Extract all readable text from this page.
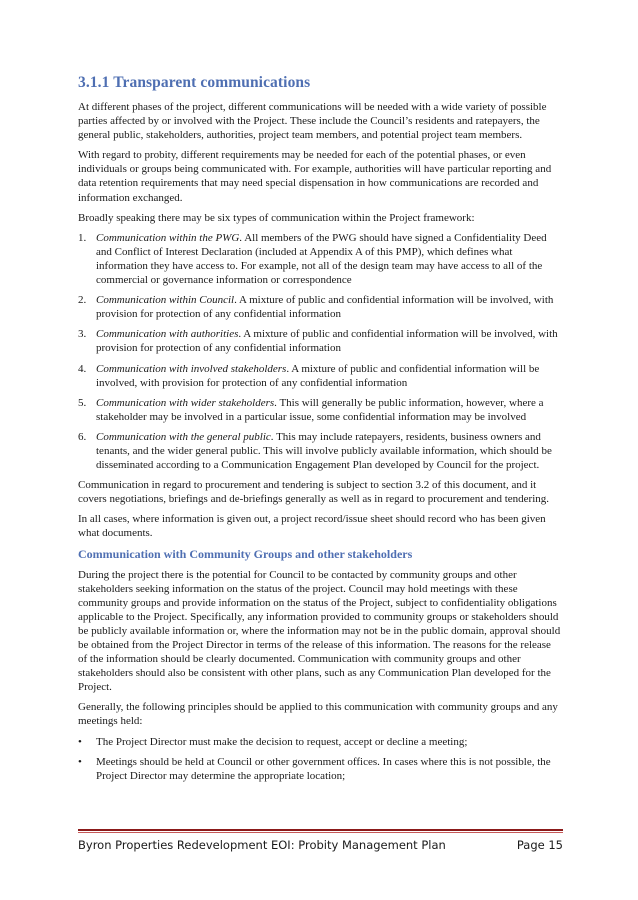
3.1.1 Transparent communications

At different phases of the project, different communications will be needed with a wide variety of possible parties affected by or involved with the Project. These include the Council’s residents and ratepayers, the general public, stakeholders, authorities, project team members, and potential project team members.

With regard to probity, different requirements may be needed for each of the potential phases, or even individuals or groups being communicated with. For example, authorities will have particular reporting and data retention requirements that may need special dispensation in how communications are recorded and information exchanged.

Broadly speaking there may be six types of communication within the Project framework:

1. Communication within the PWG. All members of the PWG should have signed a Confidentiality Deed and Conflict of Interest Declaration (included at Appendix A of this PMP), which defines what information they have access to. For example, not all of the design team may have access to all of the commercial or governance information or correspondence
2. Communication within Council. A mixture of public and confidential information will be involved, with provision for protection of any confidential information
3. Communication with authorities. A mixture of public and confidential information will be involved, with provision for protection of any confidential information
4. Communication with involved stakeholders. A mixture of public and confidential information will be involved, with provision for protection of any confidential information
5. Communication with wider stakeholders. This will generally be public information, however, where a stakeholder may be involved in a particular issue, some confidential information may be involved
6. Communication with the general public. This may include ratepayers, residents, business owners and tenants, and the wider general public. This will involve publicly available information, which should be disseminated according to a Communication Engagement Plan developed by Council for the project.

Communication in regard to procurement and tendering is subject to section 3.2 of this document, and it covers negotiations, briefings and de-briefings generally as well as in regard to procurement and tendering.

In all cases, where information is given out, a project record/issue sheet should record who has been given what documents.

Communication with Community Groups and other stakeholders

During the project there is the potential for Council to be contacted by community groups and other stakeholders seeking information on the status of the project. Council may hold meetings with these community groups and provide information on the status of the Project, subject to confidentiality obligations applicable to the Project. Specifically, any information provided to community groups or stakeholders should be publicly available information or, where the information may not be in the public domain, approval should be obtained from the Project Director in terms of the release of this information. The reasons for the release of the information should be clearly documented. Communication with community groups and other stakeholders should also be consistent with other plans, such as any Communication Plan developed for the Project.

Generally, the following principles should be applied to this communication with community groups and any meetings held:

• The Project Director must make the decision to request, accept or decline a meeting;
• Meetings should be held at Council or other government offices. In cases where this is not possible, the Project Director may determine the appropriate location;
Byron Properties Redevelopment EOI: Probity Management Plan	Page 15
